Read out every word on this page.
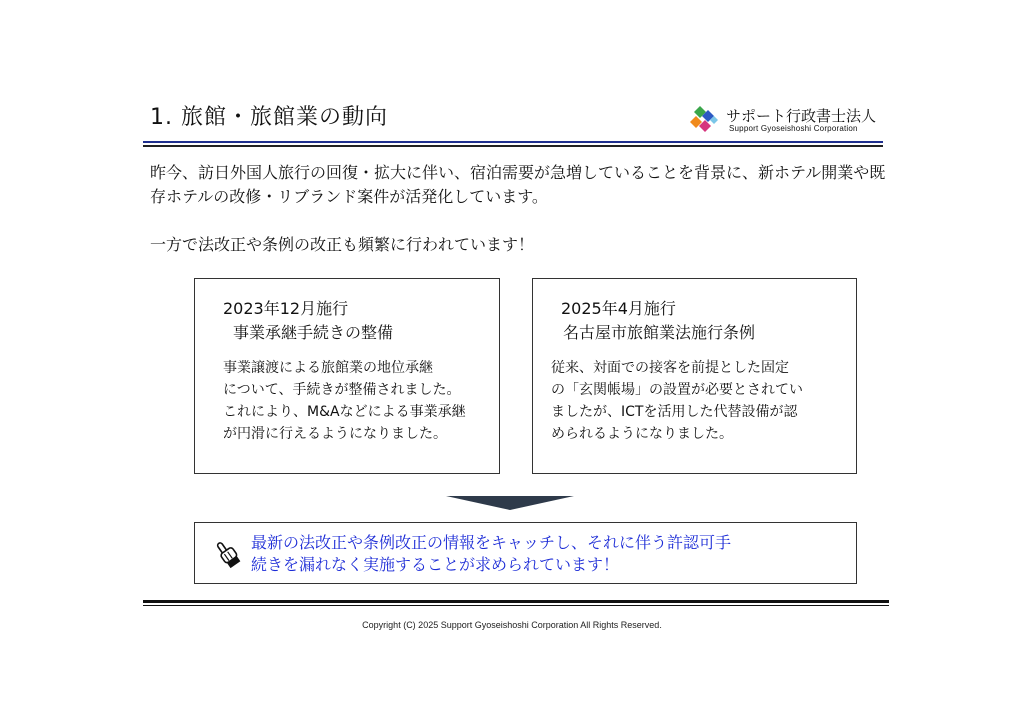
1. 旅館・旅館業の動向	サポート行政書士法人
Support Gyoseishoshi Corporation

昨今、訪日外国人旅行の回復・拡大に伴い、宿泊需要が急増していることを背景に、新ホテル開業や既存ホテルの改修・リブランド案件が活発化しています。

一方で法改正や条例の改正も頻繁に行われています！

2023年12月施行

事業承継手続きの整備

事業譲渡による旅館業の地位承継
について、手続きが整備されました。
これにより、M&Aなどによる事業承継
が円滑に行えるようになりました。

2025年4月施行

名古屋市旅館業法施行条例

従来、対面での接客を前提とした固定
の「玄関帳場」の設置が必要とされてい
ましたが、ICTを活用した代替設備が認
められるようになりました。

最新の法改正や条例改正の情報をキャッチし、それに伴う許認可手
続きを漏れなく実施することが求められています！

Copyright (C) 2025 Support Gyoseishoshi Corporation All Rights Reserved.
